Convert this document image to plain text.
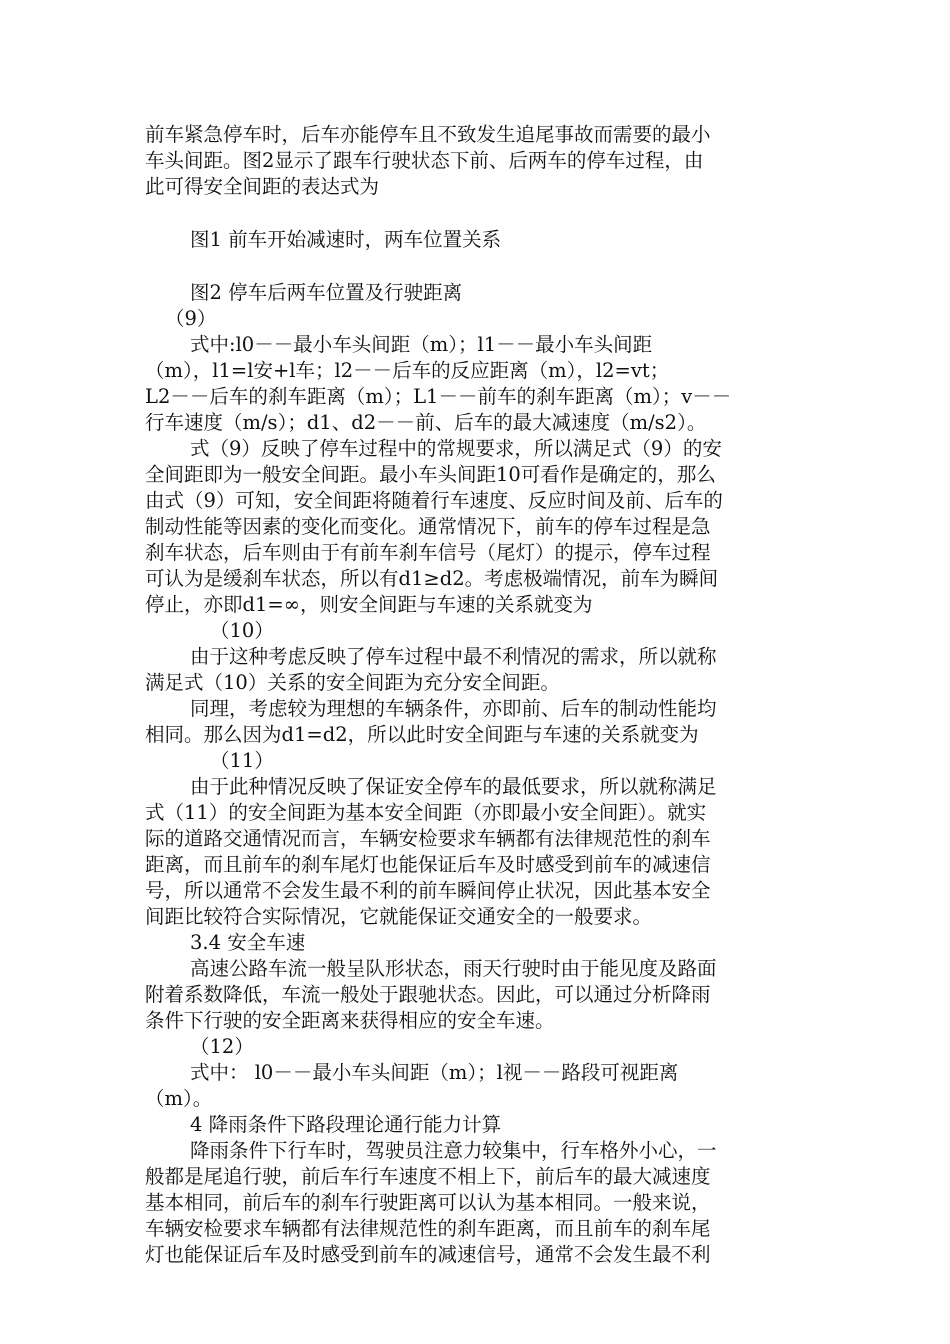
前车紧急停车时，后车亦能停车且不致发生追尾事故而需要的最小
车头间距。图2显示了跟车行驶状态下前、后两车的停车过程，由
此可得安全间距的表达式为
图1 前车开始减速时，两车位置关系
图2 停车后两车位置及行驶距离
（9）
式中:l0－－最小车头间距（m）；l1－－最小车头间距
（m），l1=l安+l车；l2－－后车的反应距离（m），l2=vt；
L2－－后车的刹车距离（m）；L1－－前车的刹车距离（m）；v－－
行车速度（m/s）；d1、d2－－前、后车的最大减速度（m/s2）。
式（9）反映了停车过程中的常规要求，所以满足式（9）的安
全间距即为一般安全间距。最小车头间距10可看作是确定的，那么
由式（9）可知，安全间距将随着行车速度、反应时间及前、后车的
制动性能等因素的变化而变化。通常情况下，前车的停车过程是急
刹车状态，后车则由于有前车刹车信号（尾灯）的提示，停车过程
可认为是缓刹车状态，所以有d1≥d2。考虑极端情况，前车为瞬间
停止，亦即d1=∞，则安全间距与车速的关系就变为
（10）
由于这种考虑反映了停车过程中最不利情况的需求，所以就称
满足式（10）关系的安全间距为充分安全间距。
同理，考虑较为理想的车辆条件，亦即前、后车的制动性能均
相同。那么因为d1=d2，所以此时安全间距与车速的关系就变为
（11）
由于此种情况反映了保证安全停车的最低要求，所以就称满足
式（11）的安全间距为基本安全间距（亦即最小安全间距）。就实
际的道路交通情况而言，车辆安检要求车辆都有法律规范性的刹车
距离，而且前车的刹车尾灯也能保证后车及时感受到前车的减速信
号，所以通常不会发生最不利的前车瞬间停止状况，因此基本安全
间距比较符合实际情况，它就能保证交通安全的一般要求。
3.4 安全车速
高速公路车流一般呈队形状态，雨天行驶时由于能见度及路面
附着系数降低，车流一般处于跟驰状态。因此，可以通过分析降雨
条件下行驶的安全距离来获得相应的安全车速。
（12）
式中： l0－－最小车头间距（m）；l视－－路段可视距离
（m）。
4 降雨条件下路段理论通行能力计算
降雨条件下行车时，驾驶员注意力较集中，行车格外小心，一
般都是尾追行驶，前后车行车速度不相上下，前后车的最大减速度
基本相同，前后车的刹车行驶距离可以认为基本相同。一般来说，
车辆安检要求车辆都有法律规范性的刹车距离，而且前车的刹车尾
灯也能保证后车及时感受到前车的减速信号，通常不会发生最不利
